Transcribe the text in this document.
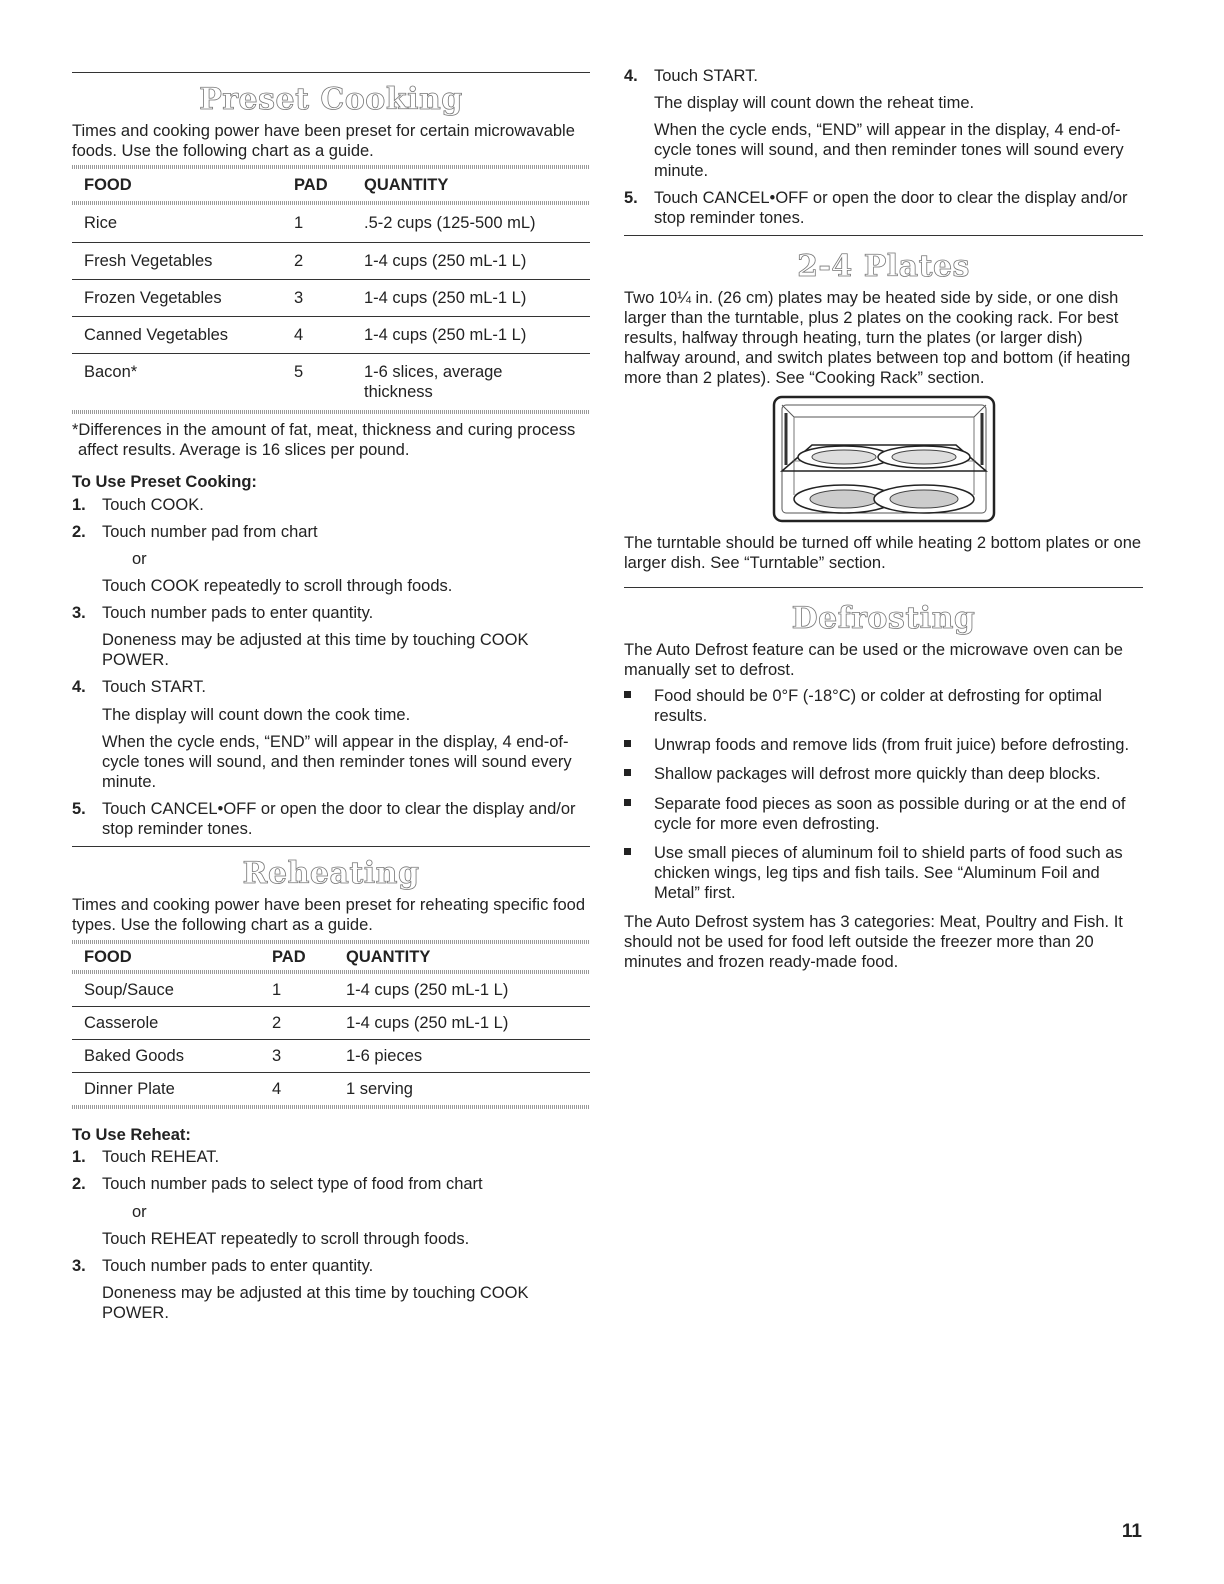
Preset Cooking

Times and cooking power have been preset for certain microwavable foods. Use the following chart as a guide.

FOOD	PAD	QUANTITY
Rice	1	.5-2 cups (125-500 mL)
Fresh Vegetables	2	1-4 cups (250 mL-1 L)
Frozen Vegetables	3	1-4 cups (250 mL-1 L)
Canned Vegetables	4	1-4 cups (250 mL-1 L)
Bacon*	5	1-6 slices, average thickness

*Differences in the amount of fat, meat, thickness and curing process affect results. Average is 16 slices per pound.

To Use Preset Cooking:
1. Touch COOK.

2. Touch number pad from chart

or

Touch COOK repeatedly to scroll through foods.

3. Touch number pads to enter quantity.

Doneness may be adjusted at this time by touching COOK POWER.

4. Touch START.

The display will count down the cook time.

When the cycle ends, “END” will appear in the display, 4 end-of-cycle tones will sound, and then reminder tones will sound every minute.

5. Touch CANCEL•OFF or open the door to clear the display and/or stop reminder tones.

Reheating

Times and cooking power have been preset for reheating specific food types. Use the following chart as a guide.

FOOD	PAD	QUANTITY
Soup/Sauce	1	1-4 cups (250 mL-1 L)
Casserole	2	1-4 cups (250 mL-1 L)
Baked Goods	3	1-6 pieces
Dinner Plate	4	1 serving
To Use Reheat:
1. Touch REHEAT.

2. Touch number pads to select type of food from chart

or

Touch REHEAT repeatedly to scroll through foods.

3. Touch number pads to enter quantity.

Doneness may be adjusted at this time by touching COOK POWER.

4. Touch START.

The display will count down the reheat time.

When the cycle ends, “END” will appear in the display, 4 end-of-cycle tones will sound, and then reminder tones will sound every minute.

5. Touch CANCEL•OFF or open the door to clear the display and/or stop reminder tones.

2-4 Plates

Two 10¼ in. (26 cm) plates may be heated side by side, or one dish larger than the turntable, plus 2 plates on the cooking rack. For best results, halfway through heating, turn the plates (or larger dish) halfway around, and switch plates between top and bottom (if heating more than 2 plates). See “Cooking Rack” section.

The turntable should be turned off while heating 2 bottom plates or one larger dish. See “Turntable” section.

Defrosting

The Auto Defrost feature can be used or the microwave oven can be manually set to defrost.

Food should be 0°F (-18°C) or colder at defrosting for optimal results.
Unwrap foods and remove lids (from fruit juice) before defrosting.
Shallow packages will defrost more quickly than deep blocks.
Separate food pieces as soon as possible during or at the end of cycle for more even defrosting.
Use small pieces of aluminum foil to shield parts of food such as chicken wings, leg tips and fish tails. See “Aluminum Foil and Metal” first.

The Auto Defrost system has 3 categories: Meat, Poultry and Fish. It should not be used for food left outside the freezer more than 20 minutes and frozen ready-made food.

11
